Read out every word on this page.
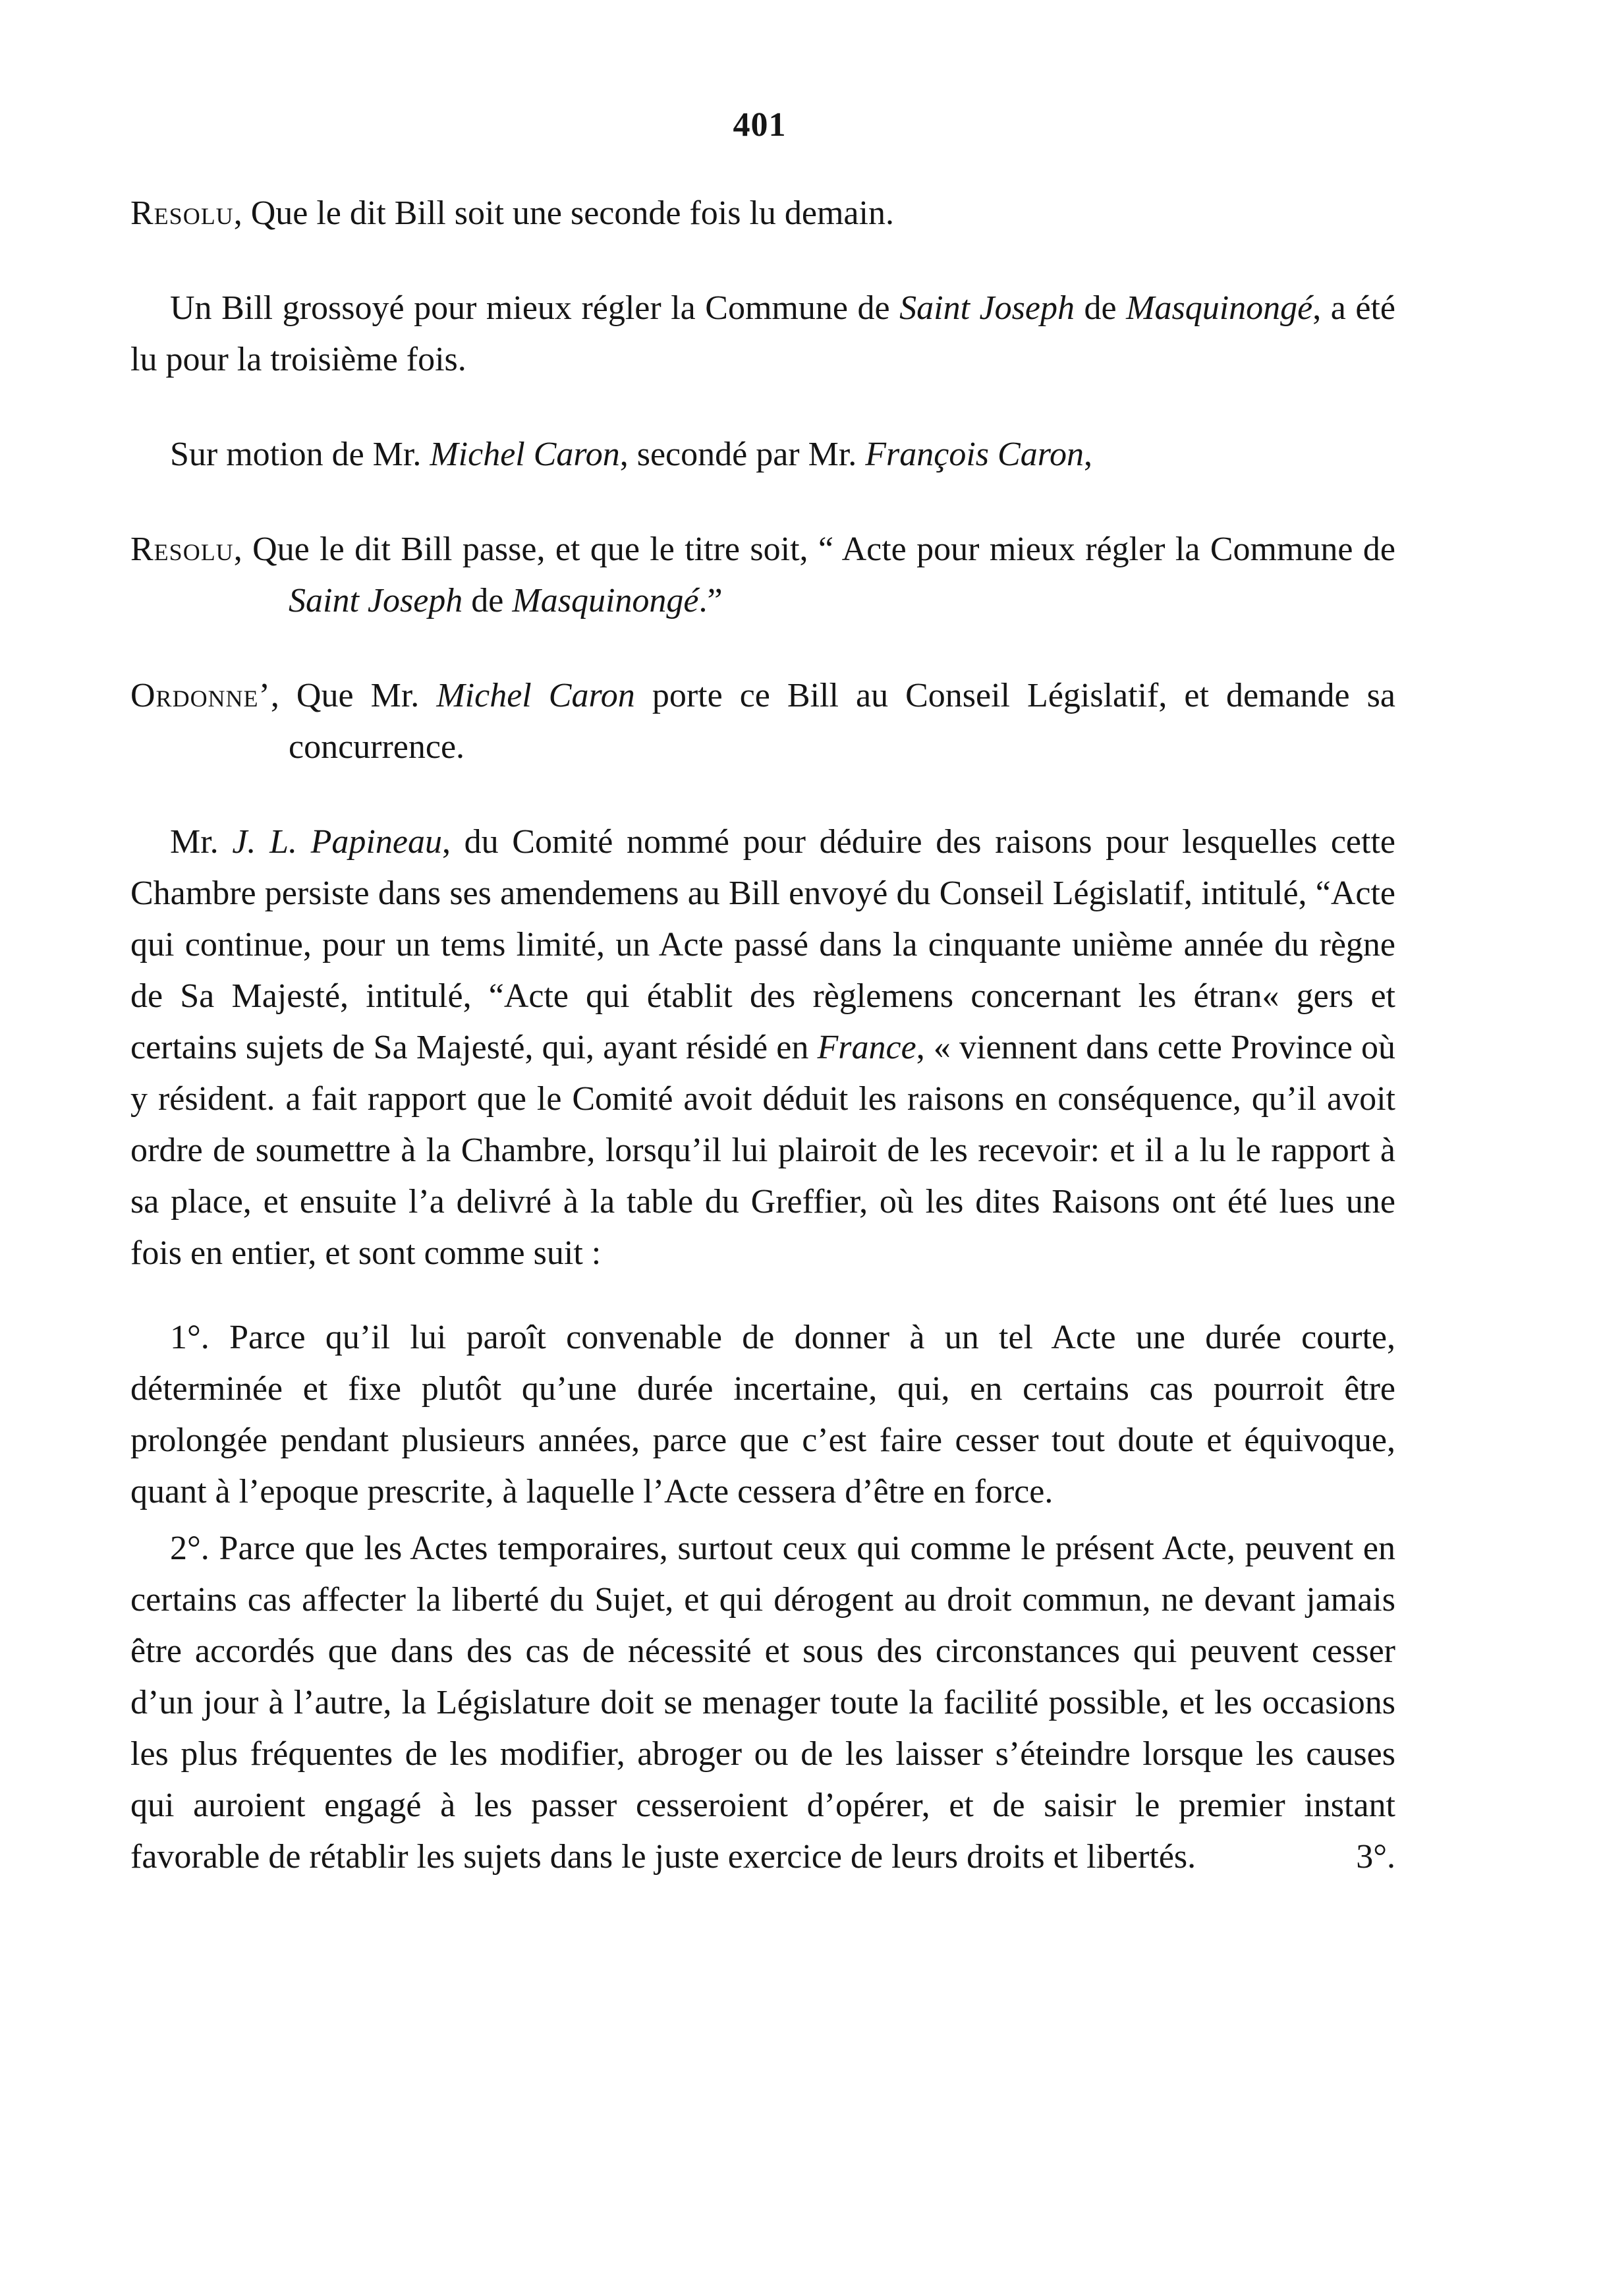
401

Resolu, Que le dit Bill soit une seconde fois lu demain.

Un Bill grossoyé pour mieux régler la Commune de Saint Joseph de Masquinongé, a été lu pour la troisième fois.

Sur motion de Mr. Michel Caron, secondé par Mr. François Caron,

Resolu, Que le dit Bill passe, et que le titre soit, “ Acte pour mieux régler la Commune de Saint Joseph de Masquinongé.”

Ordonne’, Que Mr. Michel Caron porte ce Bill au Conseil Législatif, et demande sa concurrence.

Mr. J. L. Papineau, du Comité nommé pour déduire des raisons pour lesquelles cette Chambre persiste dans ses amendemens au Bill envoyé du Conseil Législatif, intitulé, “Acte qui continue, pour un tems limité, un Acte passé dans la cinquante unième année du règne de Sa Majesté, intitulé, “Acte qui établit des règlemens concernant les étran« gers et certains sujets de Sa Majesté, qui, ayant résidé en France, « viennent dans cette Province où y résident. a fait rapport que le Comité avoit déduit les raisons en conséquence, qu’il avoit ordre de soumettre à la Chambre, lorsqu’il lui plairoit de les recevoir: et il a lu le rapport à sa place, et ensuite l’a delivré à la table du Greffier, où les dites Raisons ont été lues une fois en entier, et sont comme suit :

1°. Parce qu’il lui paroît convenable de donner à un tel Acte une durée courte, déterminée et fixe plutôt qu’une durée incertaine, qui, en certains cas pourroit être prolongée pendant plusieurs années, parce que c’est faire cesser tout doute et équivoque, quant à l’epoque prescrite, à laquelle l’Acte cessera d’être en force.

2°. Parce que les Actes temporaires, surtout ceux qui comme le présent Acte, peuvent en certains cas affecter la liberté du Sujet, et qui dérogent au droit commun, ne devant jamais être accordés que dans des cas de nécessité et sous des circonstances qui peuvent cesser d’un jour à l’autre, la Législature doit se menager toute la facilité possible, et les occasions les plus fréquentes de les modifier, abroger ou de les laisser s’éteindre lorsque les causes qui auroient engagé à les passer cesseroient d’opérer, et de saisir le premier instant favorable de rétablir les sujets dans le juste exercice de leurs droits et libertés.	3°.
